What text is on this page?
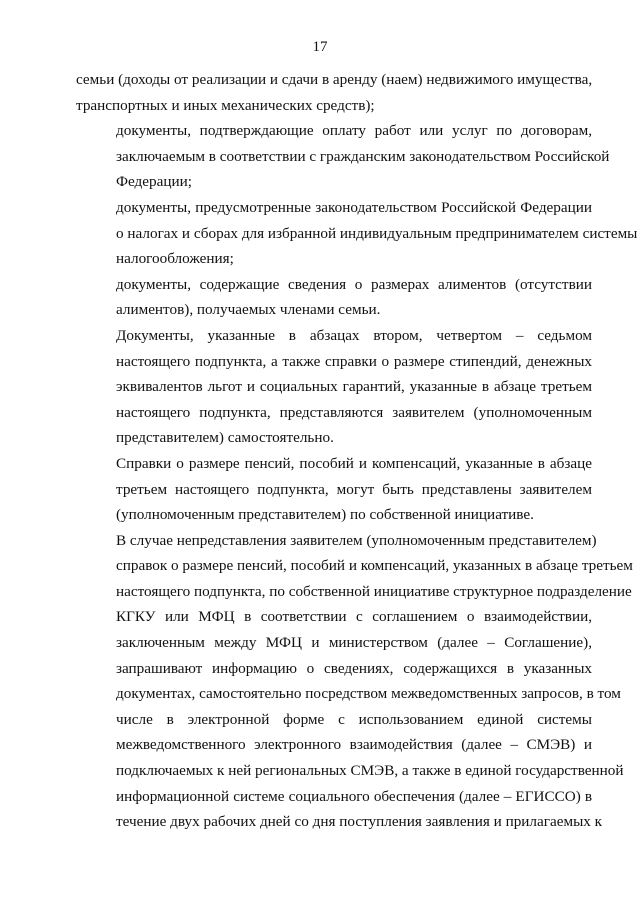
17

семьи (доходы от реализации и сдачи в аренду (наем) недвижимого имущества,
транспортных и иных механических средств);

документы, подтверждающие оплату работ или услуг по договорам,
заключаемым в соответствии с гражданским законодательством Российской
Федерации;

документы, предусмотренные законодательством Российской Федерации
о налогах и сборах для избранной индивидуальным предпринимателем системы
налогообложения;

документы, содержащие сведения о размерах алиментов (отсутствии
алиментов), получаемых членами семьи.

Документы, указанные в абзацах втором, четвертом – седьмом
настоящего подпункта, а также справки о размере стипендий, денежных
эквивалентов льгот и социальных гарантий, указанные в абзаце третьем
настоящего подпункта, представляются заявителем (уполномоченным
представителем) самостоятельно.

Справки о размере пенсий, пособий и компенсаций, указанные в абзаце
третьем настоящего подпункта, могут быть представлены заявителем
(уполномоченным представителем) по собственной инициативе.

В случае непредставления заявителем (уполномоченным представителем)
справок о размере пенсий, пособий и компенсаций, указанных в абзаце третьем
настоящего подпункта, по собственной инициативе структурное подразделение
КГКУ или МФЦ в соответствии с соглашением о взаимодействии,
заключенным между МФЦ и министерством (далее – Соглашение),
запрашивают информацию о сведениях, содержащихся в указанных
документах, самостоятельно посредством межведомственных запросов, в том
числе в электронной форме с использованием единой системы
межведомственного электронного взаимодействия (далее – СМЭВ) и
подключаемых к ней региональных СМЭВ, а также в единой государственной
информационной системе социального обеспечения (далее – ЕГИССО) в
течение двух рабочих дней со дня поступления заявления и прилагаемых к
